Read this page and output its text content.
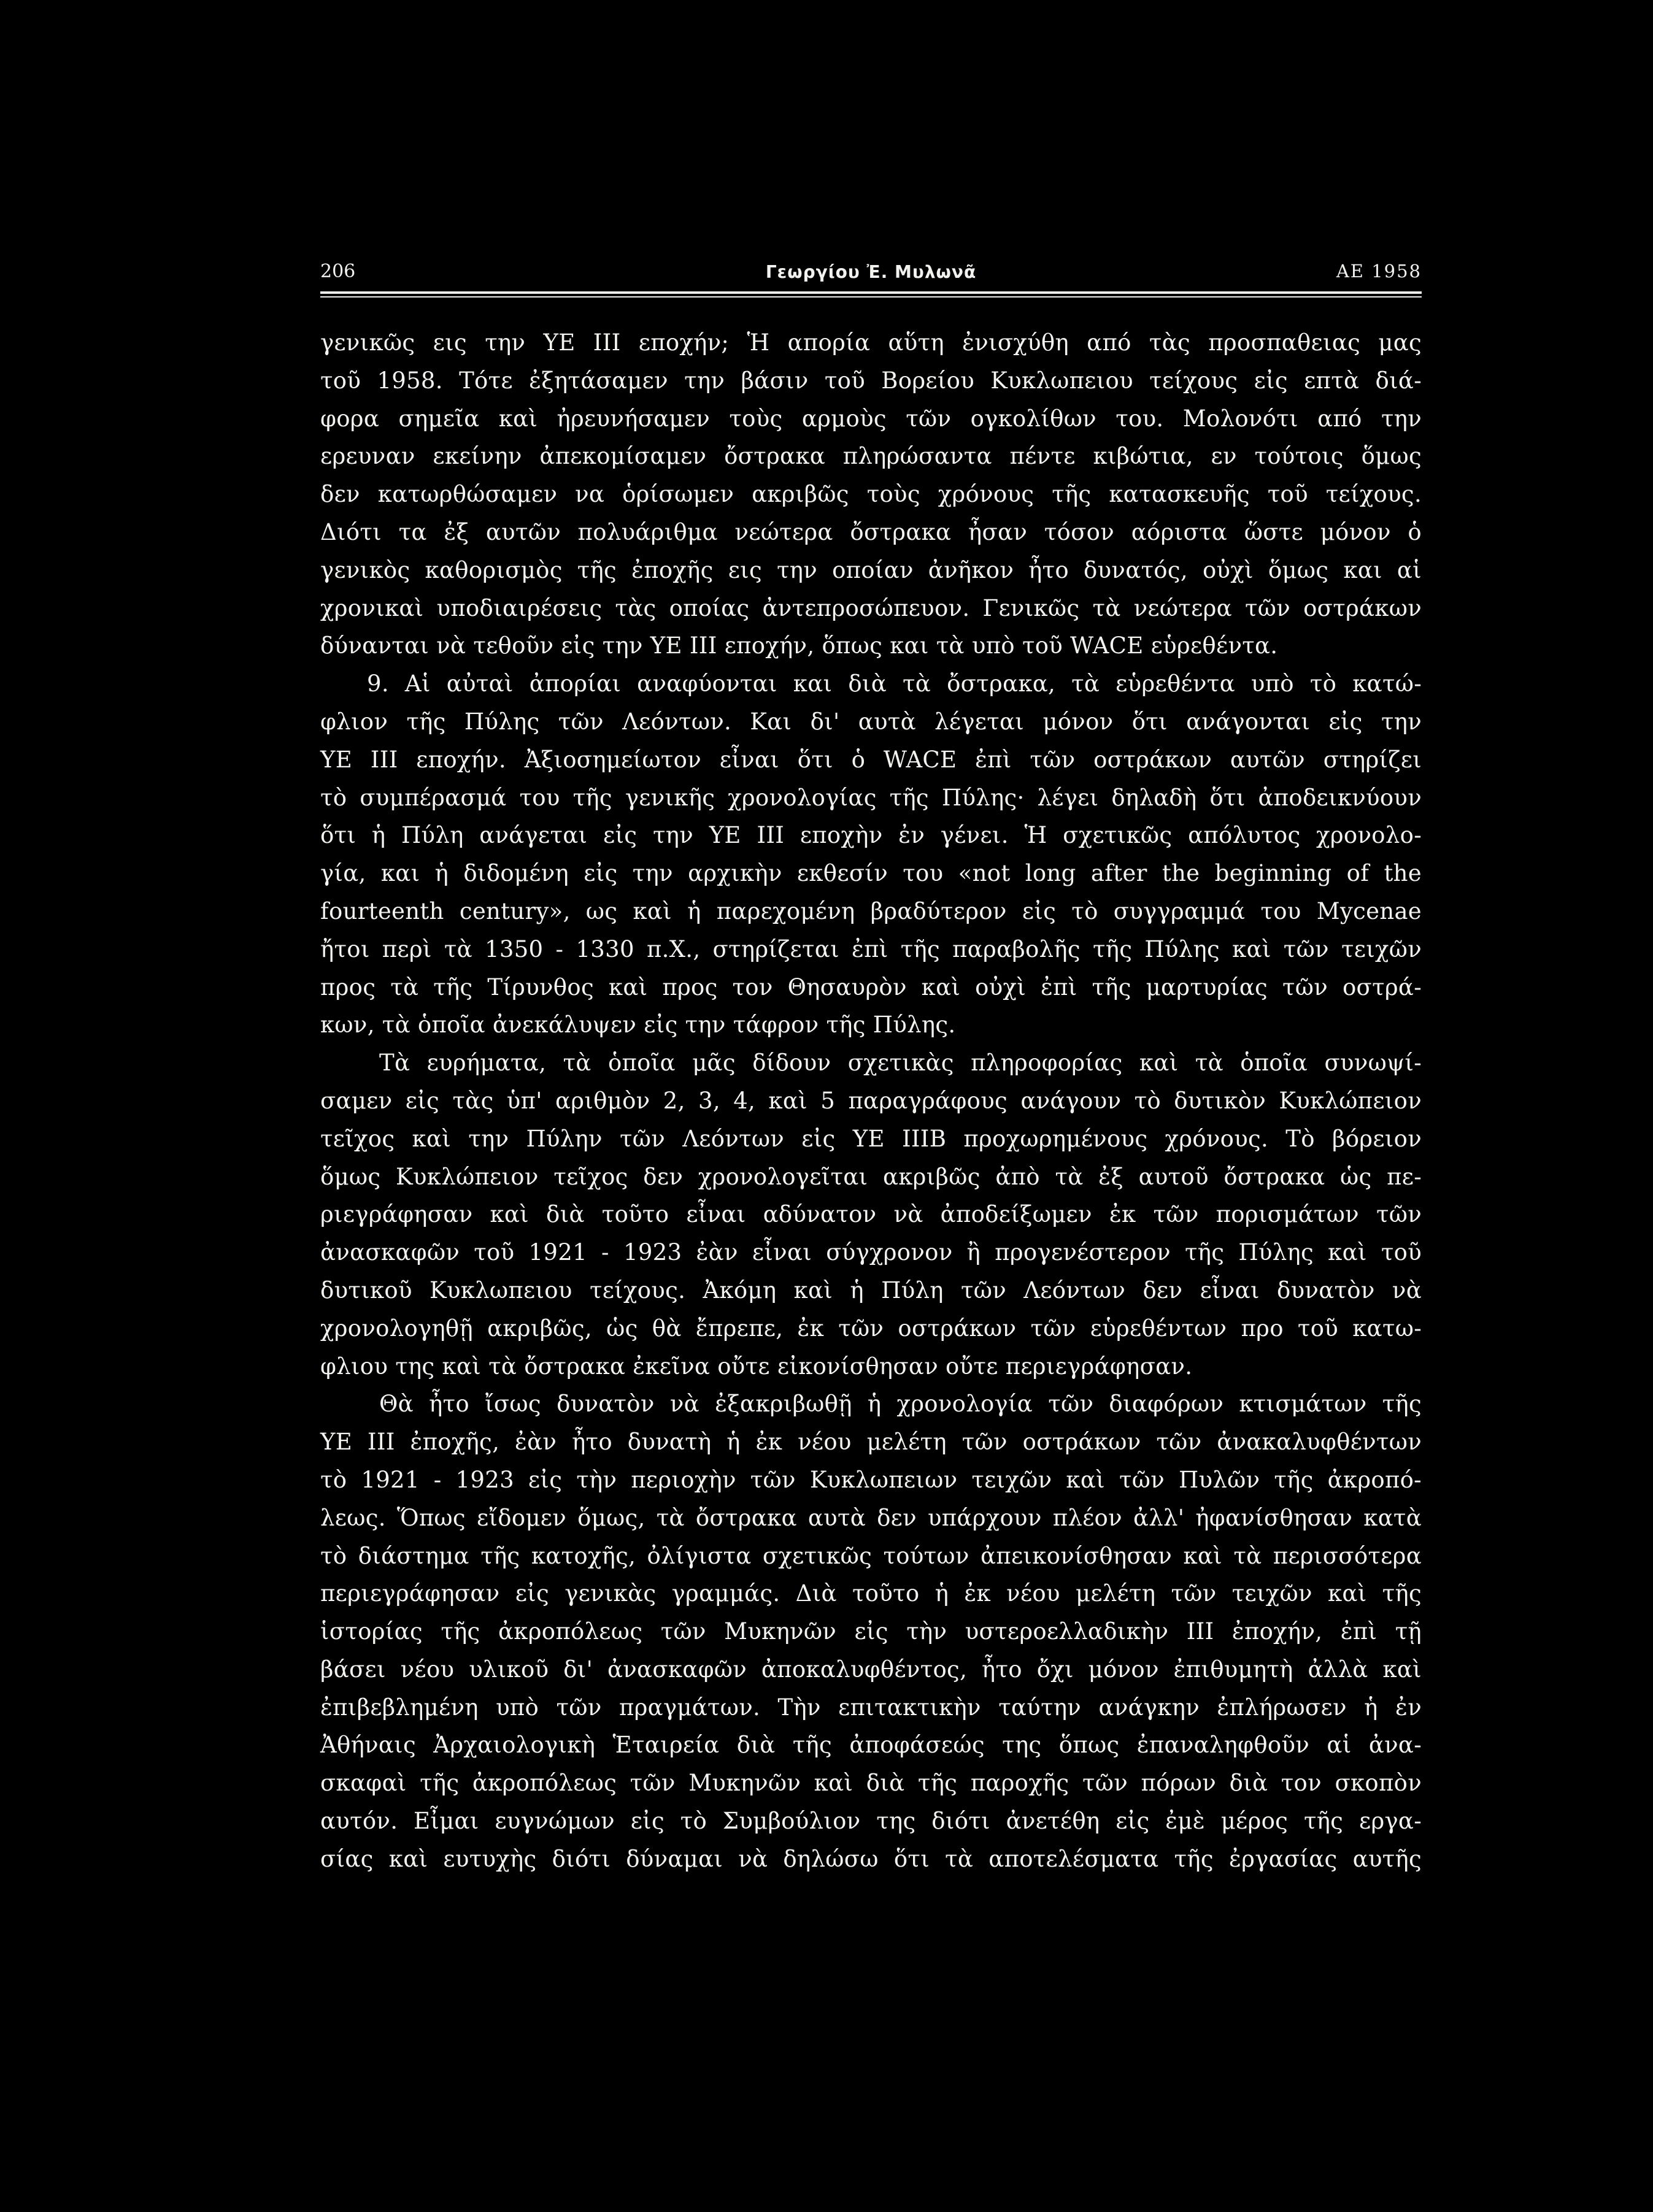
206	Γεωργίου Ἐ. Μυλωνᾶ	ΑΕ 1958
γενικῶς εις την ΥΕ III εποχήν; Ἡ απορία αὕτη ἐνισχύθη από τὰς προσπαθειας μας
τοῦ 1958. Τότε ἐξητάσαμεν την βάσιν τοῦ Βορείου Κυκλωπειου τείχους εἰς επτὰ διά-
φορα σημεῖα καὶ ἠρευνήσαμεν τοὺς αρμοὺς τῶν ογκολίθων του. Μολονότι από την
ερευναν εκείνην ἀπεκομίσαμεν ὄστρακα πληρώσαντα πέντε κιβώτια, εν τούτοις ὅμως
δεν κατωρθώσαμεν να ὁρίσωμεν ακριβῶς τοὺς χρόνους τῆς κατασκευῆς τοῦ τείχους.
Διότι τα ἐξ αυτῶν πολυάριθμα νεώτερα ὄστρακα ἦσαν τόσον αόριστα ὥστε μόνον ὁ
γενικὸς καθορισμὸς τῆς ἐποχῆς εις την οποίαν ἀνῆκον ἦτο δυνατός, οὐχὶ ὅμως και αἱ
χρονικαὶ υποδιαιρέσεις τὰς οποίας ἀντεπροσώπευον. Γενικῶς τὰ νεώτερα τῶν οστράκων
δύνανται νὰ τεθοῦν εἰς την ΥΕ III εποχήν, ὅπως και τὰ υπὸ τοῦ WACE εὑρεθέντα.
9. Αἱ αὐταὶ ἀπορίαι αναφύονται και διὰ τὰ ὄστρακα, τὰ εὑρεθέντα υπὸ τὸ κατώ-
φλιον τῆς Πύλης τῶν Λεόντων. Και δι' αυτὰ λέγεται μόνον ὅτι ανάγονται εἰς την
ΥΕ III εποχήν. Ἀξιοσημείωτον εἶναι ὅτι ὁ WACE ἐπὶ τῶν οστράκων αυτῶν στηρίζει
τὸ συμπέρασμά του τῆς γενικῆς χρονολογίας τῆς Πύλης· λέγει δηλαδὴ ὅτι ἀποδεικνύουν
ὅτι ἡ Πύλη ανάγεται εἰς την ΥΕ III εποχὴν ἐν γένει. Ἡ σχετικῶς απόλυτος χρονολο-
γία, και ἡ διδομένη εἰς την αρχικὴν εκθεσίν του «not long after the beginning of the
fourteenth century», ως καὶ ἡ παρεχομένη βραδύτερον εἰς τὸ συγγραμμά του Mycenae
ἤτοι περὶ τὰ 1350 - 1330 π.Χ., στηρίζεται ἐπὶ τῆς παραβολῆς τῆς Πύλης καὶ τῶν τειχῶν
προς τὰ τῆς Τίρυνθος καὶ προς τον Θησαυρὸν καὶ οὐχὶ ἐπὶ τῆς μαρτυρίας τῶν οστρά-
κων, τὰ ὁποῖα ἀνεκάλυψεν εἰς την τάφρον τῆς Πύλης.
Τὰ ευρήματα, τὰ ὁποῖα μᾶς δίδουν σχετικὰς πληροφορίας καὶ τὰ ὁποῖα συνωψί-
σαμεν εἰς τὰς ὑπ' αριθμὸν 2, 3, 4, καὶ 5 παραγράφους ανάγουν τὸ δυτικὸν Κυκλώπειον
τεῖχος καὶ την Πύλην τῶν Λεόντων εἰς ΥΕ ΙΙΙΒ προχωρημένους χρόνους. Τὸ βόρειον
ὅμως Κυκλώπειον τεῖχος δεν χρονολογεῖται ακριβῶς ἀπὸ τὰ ἐξ αυτοῦ ὄστρακα ὡς πε-
ριεγράφησαν καὶ διὰ τοῦτο εἶναι αδύνατον νὰ ἀποδείξωμεν ἐκ τῶν πορισμάτων τῶν
ἀνασκαφῶν τοῦ 1921 - 1923 ἐὰν εἶναι σύγχρονον ἢ προγενέστερον τῆς Πύλης καὶ τοῦ
δυτικοῦ Κυκλωπειου τείχους. Ἀκόμη καὶ ἡ Πύλη τῶν Λεόντων δεν εἶναι δυνατὸν νὰ
χρονολογηθῇ ακριβῶς, ὡς θὰ ἔπρεπε, ἐκ τῶν οστράκων τῶν εὑρεθέντων προ τοῦ κατω-
φλιου της καὶ τὰ ὄστρακα ἐκεῖνα οὔτε εἰκονίσθησαν οὔτε περιεγράφησαν.
Θὰ ἦτο ἴσως δυνατὸν νὰ ἐξακριβωθῇ ἡ χρονολογία τῶν διαφόρων κτισμάτων τῆς
ΥΕ III ἐποχῆς, ἐὰν ἦτο δυνατὴ ἡ ἐκ νέου μελέτη τῶν οστράκων τῶν ἀνακαλυφθέντων
τὸ 1921 - 1923 εἰς τὴν περιοχὴν τῶν Κυκλωπειων τειχῶν καὶ τῶν Πυλῶν τῆς ἀκροπό-
λεως. Ὅπως εἴδομεν ὅμως, τὰ ὄστρακα αυτὰ δεν υπάρχουν πλέον ἀλλ' ἠφανίσθησαν κατὰ
τὸ διάστημα τῆς κατοχῆς, ὀλίγιστα σχετικῶς τούτων ἀπεικονίσθησαν καὶ τὰ περισσότερα
περιεγράφησαν εἰς γενικὰς γραμμάς. Διὰ τοῦτο ἡ ἐκ νέου μελέτη τῶν τειχῶν καὶ τῆς
ἱστορίας τῆς ἀκροπόλεως τῶν Μυκηνῶν εἰς τὴν υστεροελλαδικὴν III ἐποχήν, ἐπὶ τῇ
βάσει νέου υλικοῦ δι' ἀνασκαφῶν ἀποκαλυφθέντος, ἦτο ὄχι μόνον ἐπιθυμητὴ ἀλλὰ καὶ
ἐπιβεβλημένη υπὸ τῶν πραγμάτων. Τὴν επιτακτικὴν ταύτην ανάγκην ἐπλήρωσεν ἡ ἐν
Ἀθήναις Ἀρχαιολογικὴ Ἑταιρεία διὰ τῆς ἀποφάσεώς της ὅπως ἐπαναληφθοῦν αἱ ἀνα-
σκαφαὶ τῆς ἀκροπόλεως τῶν Μυκηνῶν καὶ διὰ τῆς παροχῆς τῶν πόρων διὰ τον σκοπὸν
αυτόν. Εἶμαι ευγνώμων εἰς τὸ Συμβούλιον της διότι ἀνετέθη εἰς ἐμὲ μέρος τῆς εργα-
σίας καὶ ευτυχὴς διότι δύναμαι νὰ δηλώσω ὅτι τὰ αποτελέσματα τῆς ἐργασίας αυτῆς
